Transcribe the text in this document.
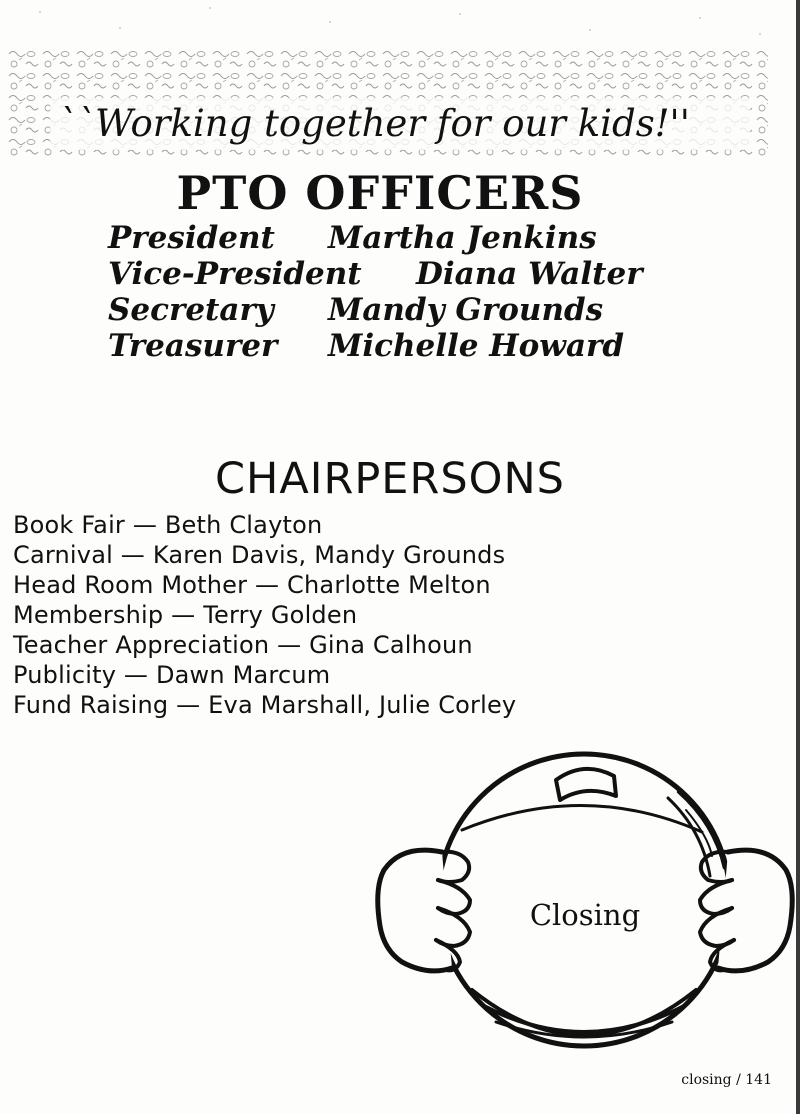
``Working together for our kids!''
PTO OFFICERS
President Martha Jenkins
Vice-President Diana Walter
Secretary Mandy Grounds
Treasurer Michelle Howard
CHAIRPERSONS
Book Fair — Beth Clayton
Carnival — Karen Davis, Mandy Grounds
Head Room Mother — Charlotte Melton
Membership — Terry Golden
Teacher Appreciation — Gina Calhoun
Publicity — Dawn Marcum
Fund Raising — Eva Marshall, Julie Corley
Closing
closing / 141
